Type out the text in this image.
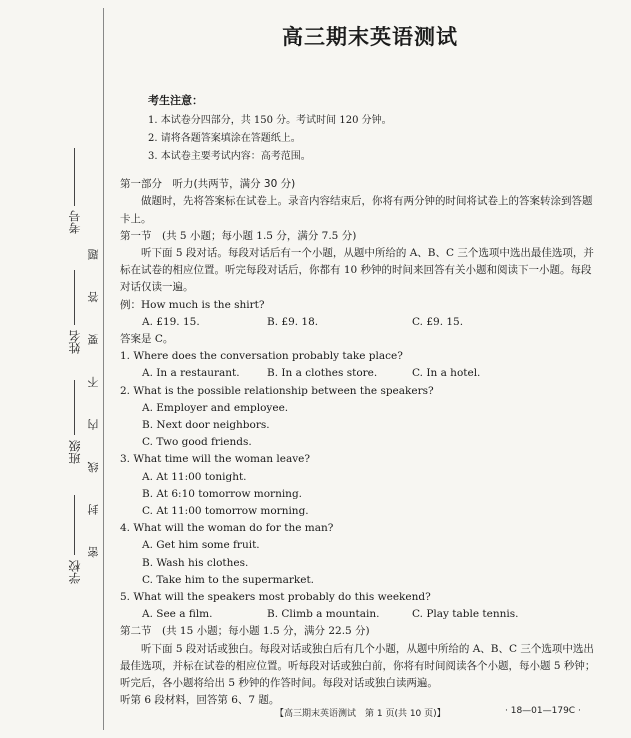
考号
姓名
班级
学校
密 封 线 内 不 要 答 题
高三期末英语测试
考生注意：
1. 本试卷分四部分，共 150 分。考试时间 120 分钟。
2. 请将各题答案填涂在答题纸上。
3. 本试卷主要考试内容：高考范围。
第一部分　听力(共两节，满分 30 分)
做题时，先将答案标在试卷上。录音内容结束后，你将有两分钟的时间将试卷上的答案转涂到答题卡上。
第一节　(共 5 小题；每小题 1.5 分，满分 7.5 分)
听下面 5 段对话。每段对话后有一个小题，从题中所给的 A、B、C 三个选项中选出最佳选项，并标在试卷的相应位置。听完每段对话后，你都有 10 秒钟的时间来回答有关小题和阅读下一小题。每段对话仅读一遍。
例：How much is the shirt?
A. £19. 15.	B. £9. 18.	C. £9. 15.
答案是 C。
1. Where does the conversation probably take place?
A. In a restaurant.	B. In a clothes store.	C. In a hotel.
2. What is the possible relationship between the speakers?
A. Employer and employee.
B. Next door neighbors.
C. Two good friends.
3. What time will the woman leave?
A. At 11:00 tonight.
B. At 6:10 tomorrow morning.
C. At 11:00 tomorrow morning.
4. What will the woman do for the man?
A. Get him some fruit.
B. Wash his clothes.
C. Take him to the supermarket.
5. What will the speakers most probably do this weekend?
A. See a film.	B. Climb a mountain.	C. Play table tennis.
第二节　(共 15 小题；每小题 1.5 分，满分 22.5 分)
听下面 5 段对话或独白。每段对话或独白后有几个小题，从题中所给的 A、B、C 三个选项中选出最佳选项，并标在试卷的相应位置。听每段对话或独白前，你将有时间阅读各个小题，每小题 5 秒钟；听完后，各小题将给出 5 秒钟的作答时间。每段对话或独白读两遍。
听第 6 段材料，回答第 6、7 题。
【高三期末英语测试　第 1 页(共 10 页)】	· 18—01—179C ·
